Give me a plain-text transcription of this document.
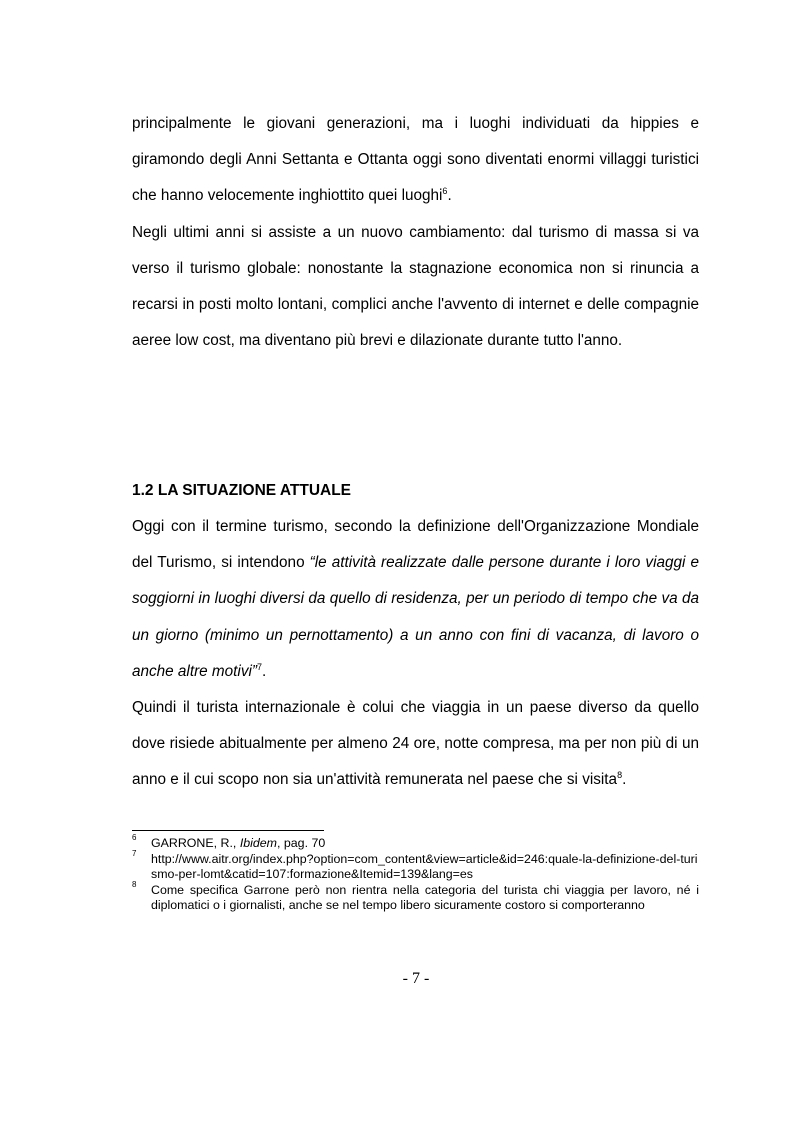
principalmente le giovani generazioni, ma i luoghi individuati da hippies e giramondo degli Anni Settanta e Ottanta oggi sono diventati enormi villaggi turistici che hanno velocemente inghiottito quei luoghi$^6$.

Negli ultimi anni si assiste a un nuovo cambiamento: dal turismo di massa si va verso il turismo globale: nonostante la stagnazione economica non si rinuncia a recarsi in posti molto lontani, complici anche l'avvento di internet e delle compagnie aeree low cost, ma diventano più brevi e dilazionate durante tutto l'anno.

1.2 LA SITUAZIONE ATTUALE

Oggi con il termine turismo, secondo la definizione dell'Organizzazione Mondiale del Turismo, si intendono “le attività realizzate dalle persone durante i loro viaggi e soggiorni in luoghi diversi da quello di residenza, per un periodo di tempo che va da un giorno (minimo un pernottamento) a un anno con fini di vacanza, di lavoro o anche altre motivi”$^7$.

Quindi il turista internazionale è colui che viaggia in un paese diverso da quello dove risiede abitualmente per almeno 24 ore, notte compresa, ma per non più di un anno e il cui scopo non sia un'attività remunerata nel paese che si visita$^8$.

6 GARRONE, R., Ibidem, pag. 70
7 http://www.aitr.org/index.php?option=com_content&view=article&id=246:quale-la-definizione-del-turismo-per-lomt&catid=107:formazione&Itemid=139&lang=es
8 Come specifica Garrone però non rientra nella categoria del turista chi viaggia per lavoro, né i diplomatici o i giornalisti, anche se nel tempo libero sicuramente costoro si comporteranno
- 7 -
